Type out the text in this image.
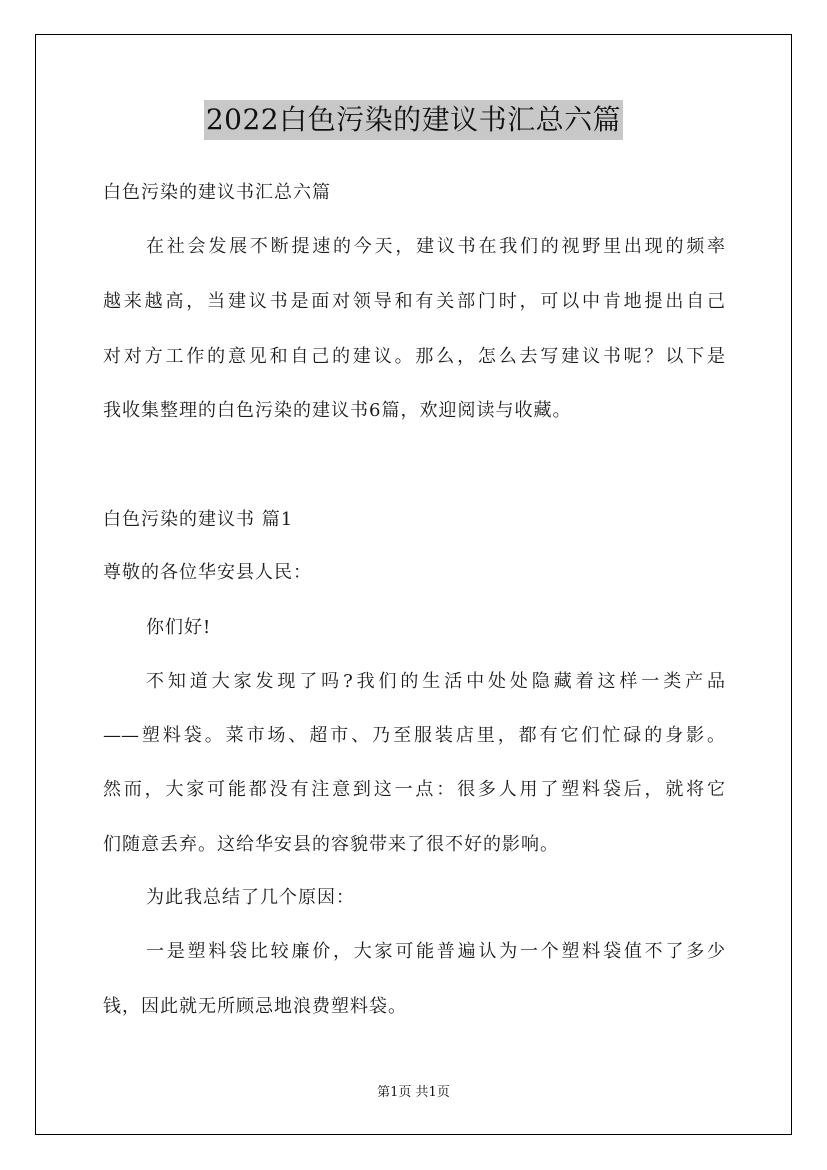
2022白色污染的建议书汇总六篇
白色污染的建议书汇总六篇
在社会发展不断提速的今天，建议书在我们的视野里出现的频率
越来越高，当建议书是面对领导和有关部门时，可以中肯地提出自己
对对方工作的意见和自己的建议。那么，怎么去写建议书呢？以下是
我收集整理的白色污染的建议书6篇，欢迎阅读与收藏。
白色污染的建议书 篇1
尊敬的各位华安县人民：
你们好!
不知道大家发现了吗?我们的生活中处处隐藏着这样一类产品
——塑料袋。菜市场、超市、乃至服装店里，都有它们忙碌的身影。
然而，大家可能都没有注意到这一点：很多人用了塑料袋后，就将它
们随意丢弃。这给华安县的容貌带来了很不好的影响。
为此我总结了几个原因：
一是塑料袋比较廉价，大家可能普遍认为一个塑料袋值不了多少
钱，因此就无所顾忌地浪费塑料袋。
第1页 共1页
